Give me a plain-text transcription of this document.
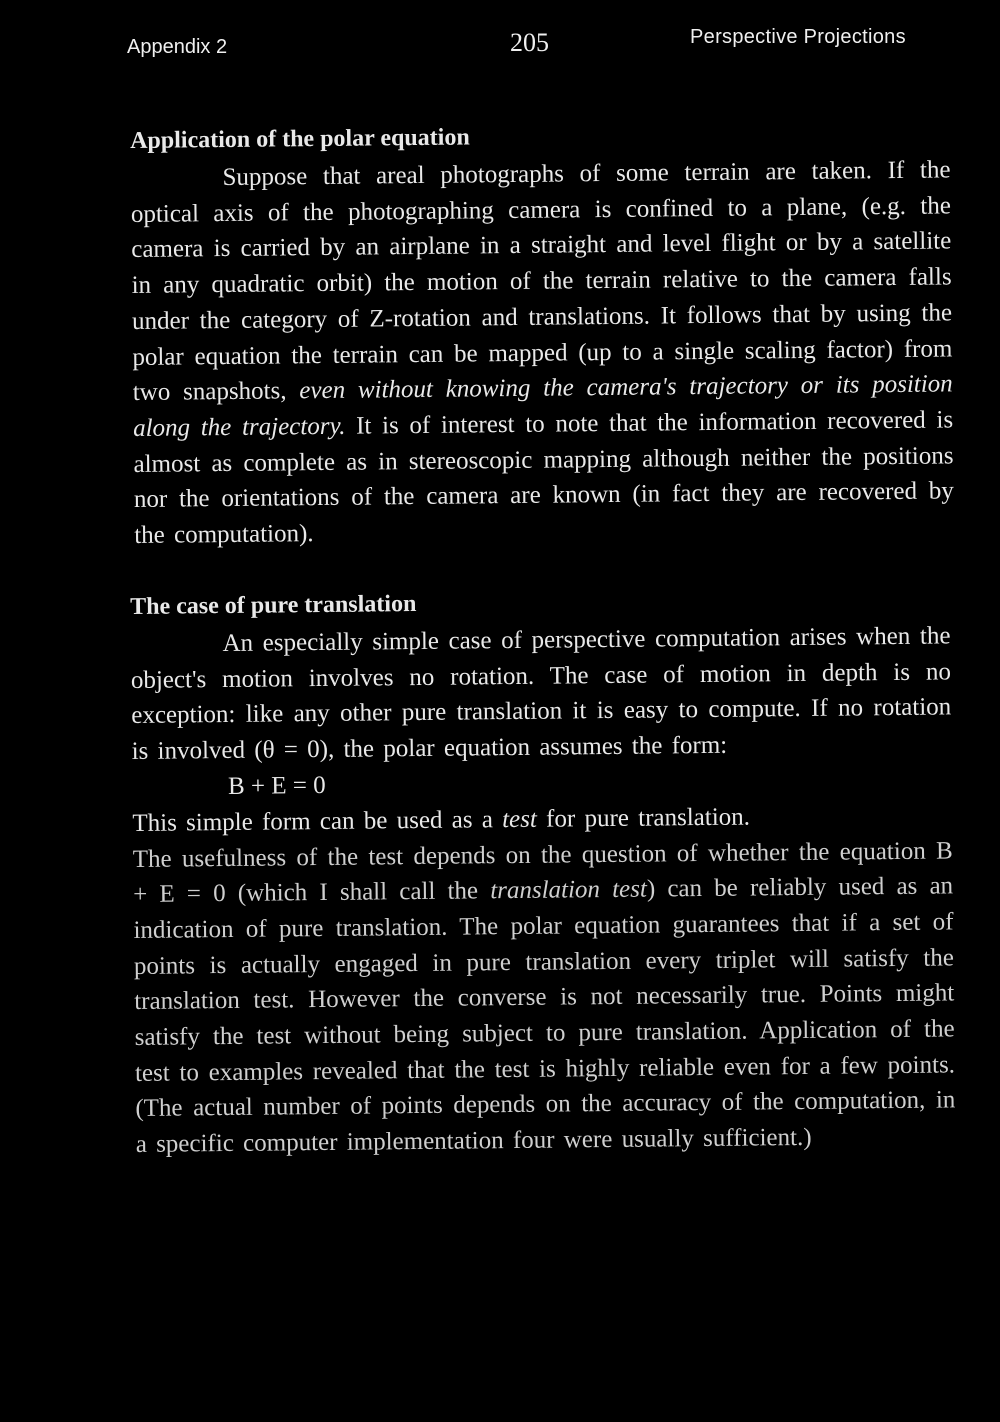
Appendix 2	205	Perspective Projections
Application of the polar equation

Suppose that areal photographs of some terrain are taken. If the optical axis of the photographing camera is confined to a plane, (e.g. the camera is carried by an airplane in a straight and level flight or by a satellite in any quadratic orbit) the motion of the terrain relative to the camera falls under the category of Z-rotation and translations. It follows that by using the polar equation the terrain can be mapped (up to a single scaling factor) from two snapshots, even without knowing the camera's trajectory or its position along the trajectory. It is of interest to note that the information recovered is almost as complete as in stereoscopic mapping although neither the positions nor the orientations of the camera are known (in fact they are recovered by the computation).

The case of pure translation

An especially simple case of perspective computation arises when the object's motion involves no rotation. The case of motion in depth is no exception: like any other pure translation it is easy to compute. If no rotation is involved (θ = 0), the polar equation assumes the form:

B + E = 0

This simple form can be used as a test for pure translation.

The usefulness of the test depends on the question of whether the equation B + E = 0 (which I shall call the translation test) can be reliably used as an indication of pure translation. The polar equation guarantees that if a set of points is actually engaged in pure translation every triplet will satisfy the translation test. However the converse is not necessarily true. Points might satisfy the test without being subject to pure translation. Application of the test to examples revealed that the test is highly reliable even for a few points. (The actual number of points depends on the accuracy of the computation, in a specific computer implementation four were usually sufficient.)
